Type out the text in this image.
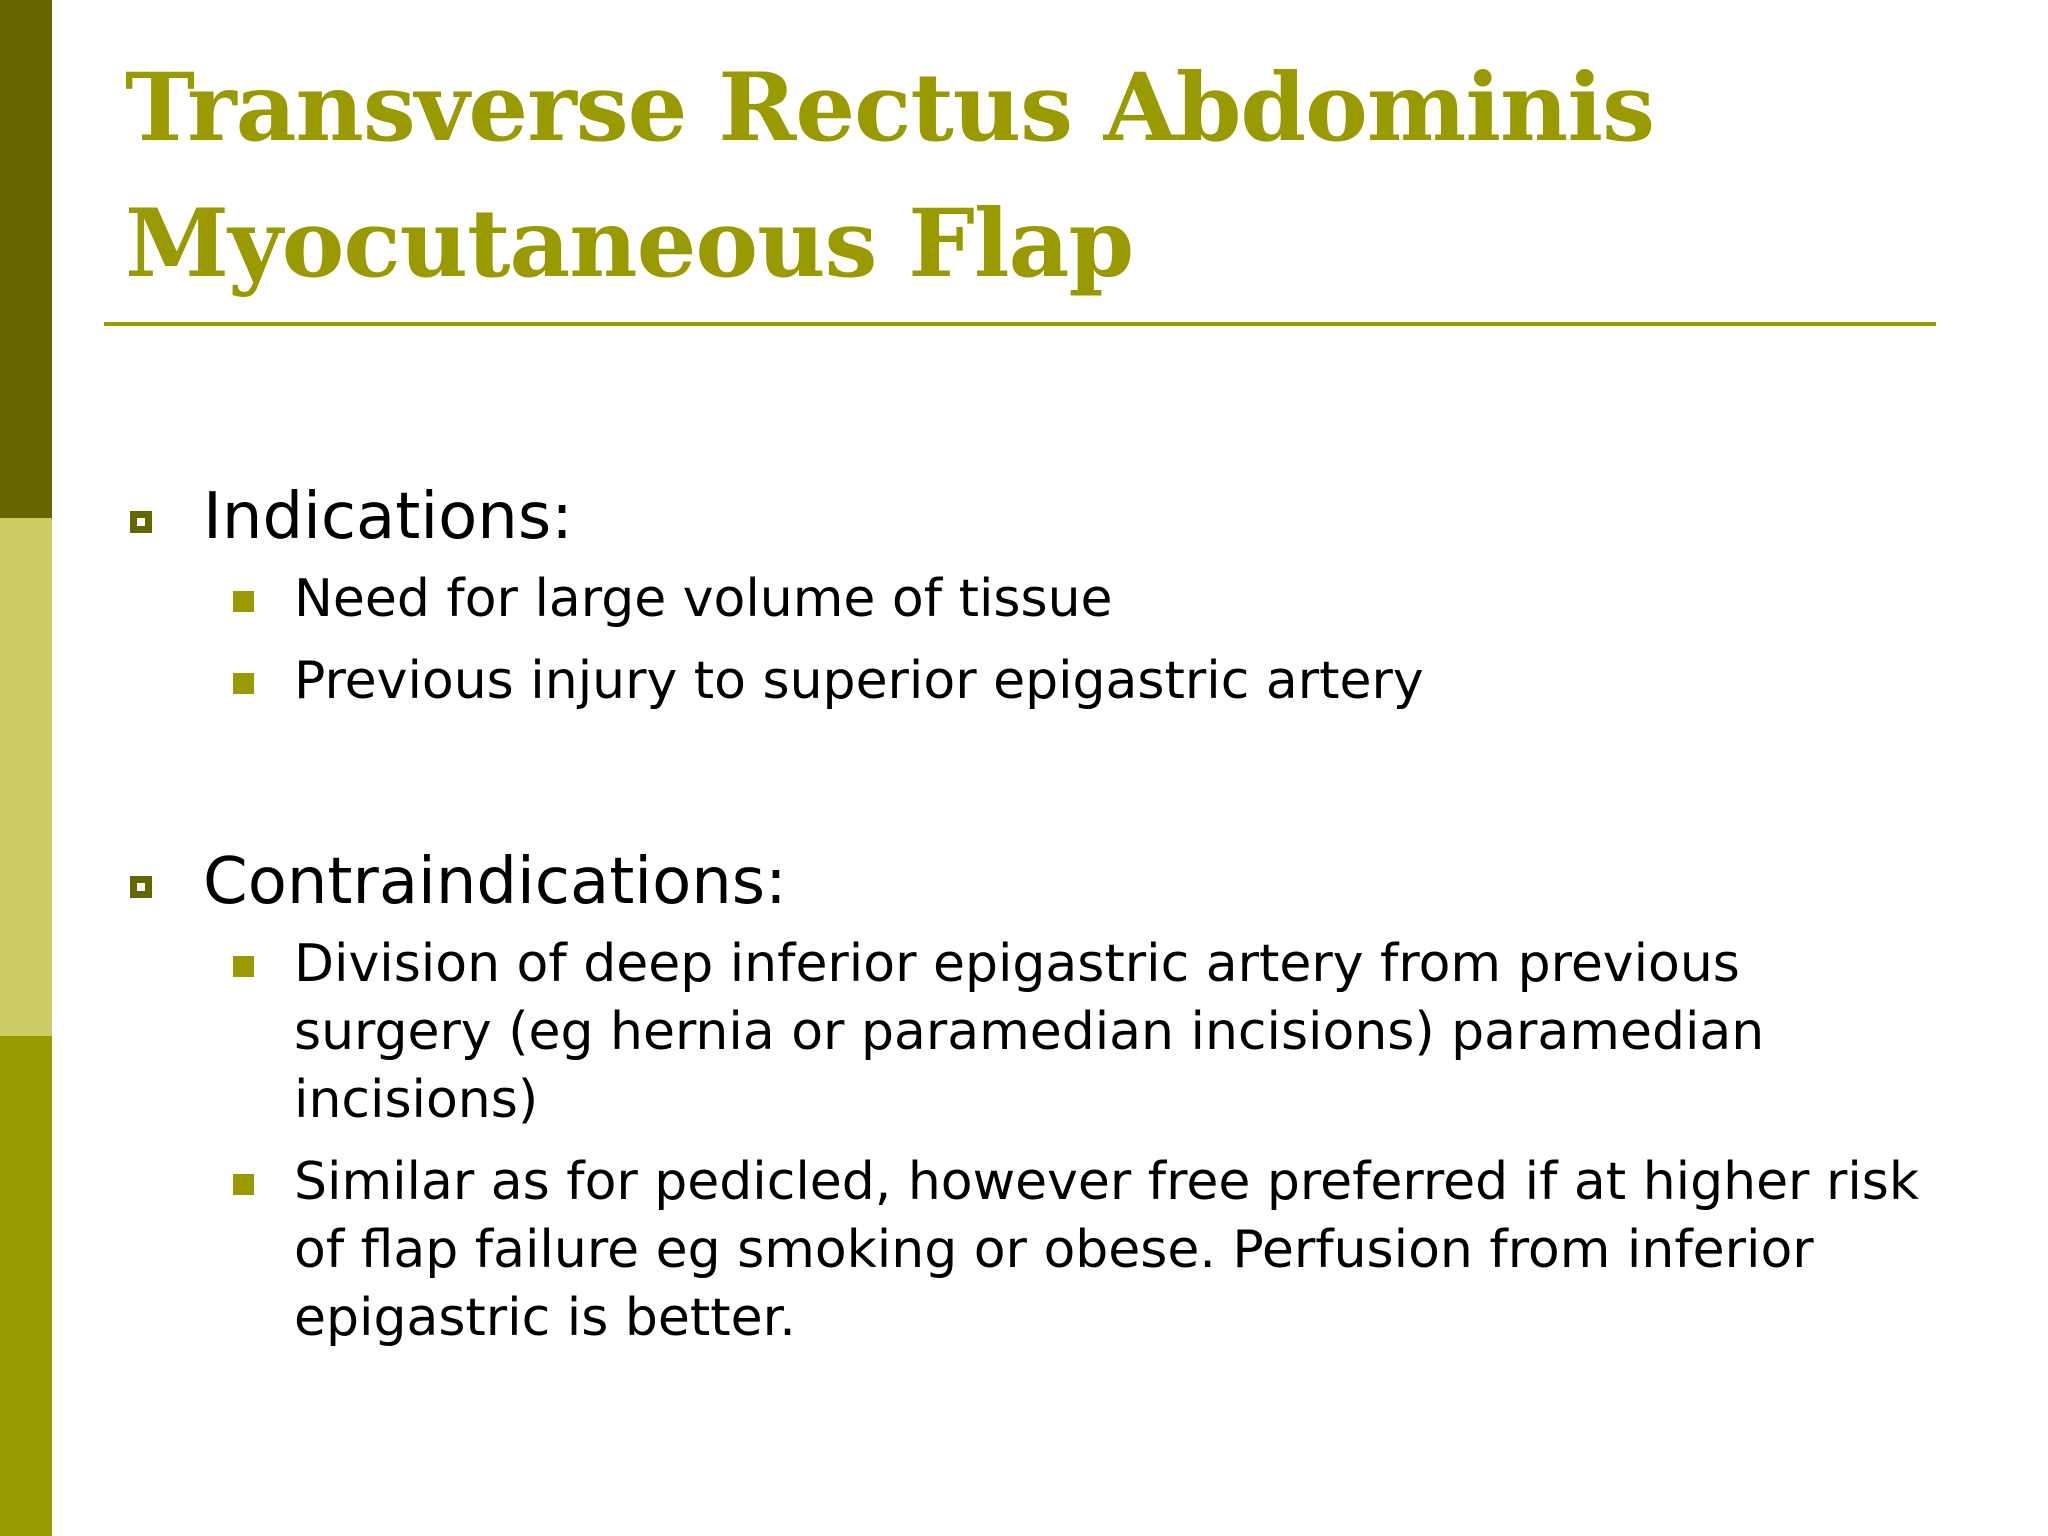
Transverse Rectus Abdominis Myocutaneous Flap
Indications:
Need for large volume of tissue
Previous injury to superior epigastric artery
Contraindications:
Division of deep inferior epigastric artery from previous surgery (eg hernia or paramedian incisions) paramedian incisions)
Similar as for pedicled, however free preferred if at higher risk of flap failure eg smoking or obese. Perfusion from inferior epigastric is better.
